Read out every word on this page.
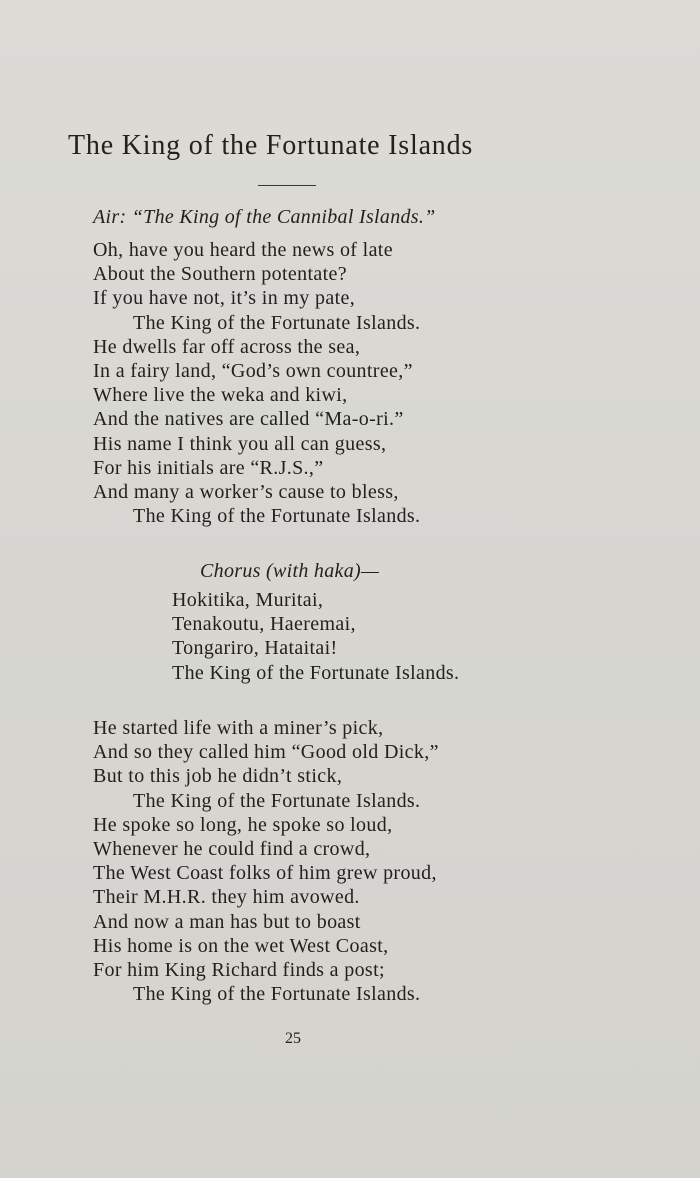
The King of the Fortunate Islands
Air: “The King of the Cannibal Islands.”
Oh, have you heard the news of late
About the Southern potentate?
If you have not, it’s in my pate,
The King of the Fortunate Islands.
He dwells far off across the sea,
In a fairy land, “God’s own countree,”
Where live the weka and kiwi,
And the natives are called “Ma-o-ri.”
His name I think you all can guess,
For his initials are “R.J.S.,”
And many a worker’s cause to bless,
The King of the Fortunate Islands.
Chorus (with haka)—
Hokitika, Muritai,
Tenakoutu, Haeremai,
Tongariro, Hataitai!
The King of the Fortunate Islands.
He started life with a miner’s pick,
And so they called him “Good old Dick,”
But to this job he didn’t stick,
The King of the Fortunate Islands.
He spoke so long, he spoke so loud,
Whenever he could find a crowd,
The West Coast folks of him grew proud,
Their M.H.R. they him avowed.
And now a man has but to boast
His home is on the wet West Coast,
For him King Richard finds a post;
The King of the Fortunate Islands.
25
